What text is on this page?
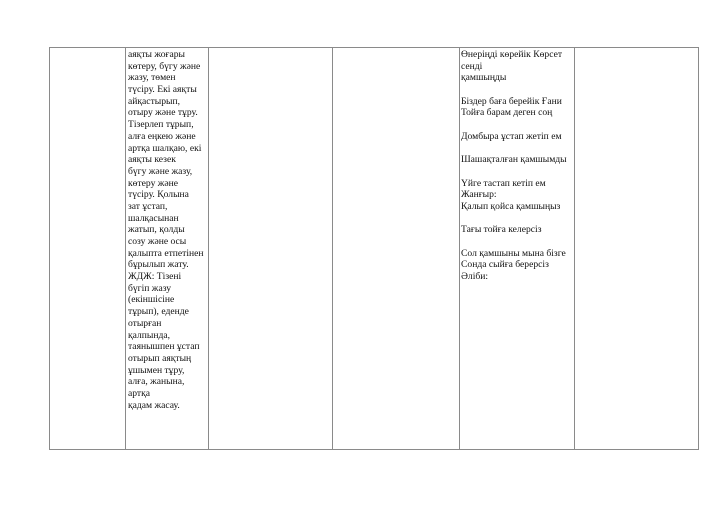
аяқты жоғары
көтеру, бүгу және
жазу, төмен
түсіру. Екі аяқты
айқастырып,
отыру және тұру.
Тізерлеп тұрып,
алға еңкею және
артқа шалқаю, екі
аяқты кезек
бүгу және жазу,
көтеру және
түсіру. Қолына
зат ұстап,
шалқасынан
жатып, қолды
созу және осы
қалыпта етпетінен
бұрылып жату.
ЖДЖ: Тізені
бүгіп жазу
(екіншісіне
тұрып), еденде
отырған
қалпында,
таянышпен ұстап
отырып аяқтың
ұшымен тұру,
алға, жанына,
артқа
қадам жасау.
Өнеріңді көрейік Көрсет
сенді
қамшыңды
Біздер баға берейік Ғани
Тойға барам деген соң
Домбыра ұстап жетіп ем
Шашақталған қамшымды
Үйге тастап кетіп ем
Жанғыр:
Қалып қойса қамшыңыз
Тағы тойға келерсіз
Сол қамшыны мына бізге
Сонда сыйға берерсіз
Әліби:
